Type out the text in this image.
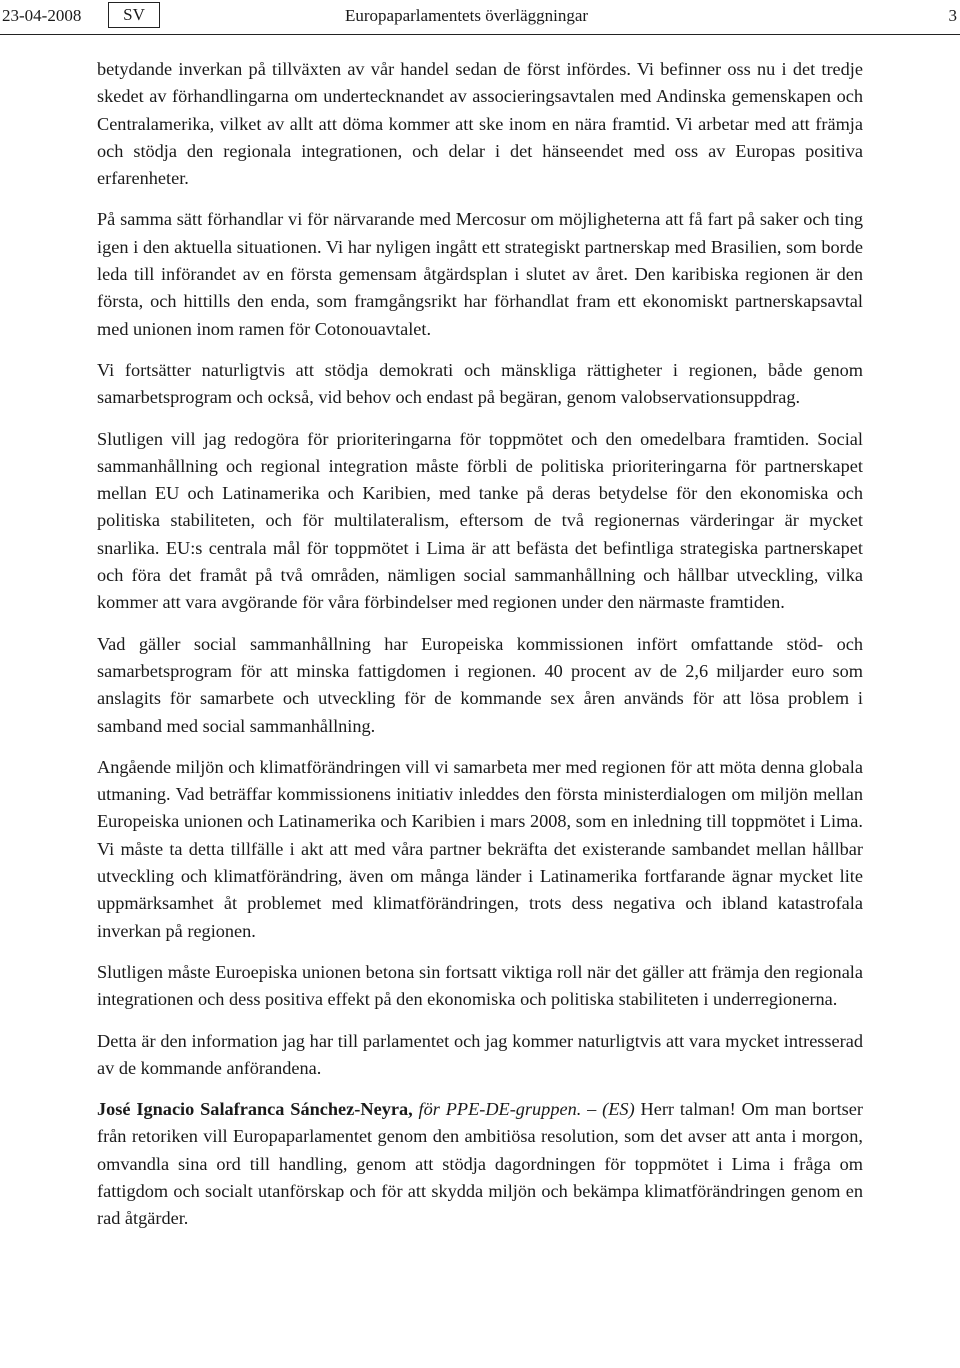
23-04-2008	SV	Europaparlamentets överläggningar	3

betydande inverkan på tillväxten av vår handel sedan de först infördes. Vi befinner oss nu i det tredje skedet av förhandlingarna om undertecknandet av associeringsavtalen med Andinska gemenskapen och Centralamerika, vilket av allt att döma kommer att ske inom en nära framtid. Vi arbetar med att främja och stödja den regionala integrationen, och delar i det hänseendet med oss av Europas positiva erfarenheter.

På samma sätt förhandlar vi för närvarande med Mercosur om möjligheterna att få fart på saker och ting igen i den aktuella situationen. Vi har nyligen ingått ett strategiskt partnerskap med Brasilien, som borde leda till införandet av en första gemensam åtgärdsplan i slutet av året. Den karibiska regionen är den första, och hittills den enda, som framgångsrikt har förhandlat fram ett ekonomiskt partnerskapsavtal med unionen inom ramen för Cotonouavtalet.

Vi fortsätter naturligtvis att stödja demokrati och mänskliga rättigheter i regionen, både genom samarbetsprogram och också, vid behov och endast på begäran, genom valobservationsuppdrag.

Slutligen vill jag redogöra för prioriteringarna för toppmötet och den omedelbara framtiden. Social sammanhållning och regional integration måste förbli de politiska prioriteringarna för partnerskapet mellan EU och Latinamerika och Karibien, med tanke på deras betydelse för den ekonomiska och politiska stabiliteten, och för multilateralism, eftersom de två regionernas värderingar är mycket snarlika. EU:s centrala mål för toppmötet i Lima är att befästa det befintliga strategiska partnerskapet och föra det framåt på två områden, nämligen social sammanhållning och hållbar utveckling, vilka kommer att vara avgörande för våra förbindelser med regionen under den närmaste framtiden.

Vad gäller social sammanhållning har Europeiska kommissionen infört omfattande stöd- och samarbetsprogram för att minska fattigdomen i regionen. 40 procent av de 2,6 miljarder euro som anslagits för samarbete och utveckling för de kommande sex åren används för att lösa problem i samband med social sammanhållning.

Angående miljön och klimatförändringen vill vi samarbeta mer med regionen för att möta denna globala utmaning. Vad beträffar kommissionens initiativ inleddes den första ministerdialogen om miljön mellan Europeiska unionen och Latinamerika och Karibien i mars 2008, som en inledning till toppmötet i Lima. Vi måste ta detta tillfälle i akt att med våra partner bekräfta det existerande sambandet mellan hållbar utveckling och klimatförändring, även om många länder i Latinamerika fortfarande ägnar mycket lite uppmärksamhet åt problemet med klimatförändringen, trots dess negativa och ibland katastrofala inverkan på regionen.

Slutligen måste Euroepiska unionen betona sin fortsatt viktiga roll när det gäller att främja den regionala integrationen och dess positiva effekt på den ekonomiska och politiska stabiliteten i underregionerna.

Detta är den information jag har till parlamentet och jag kommer naturligtvis att vara mycket intresserad av de kommande anförandena.

José Ignacio Salafranca Sánchez-Neyra, för PPE-DE-gruppen. – (ES) Herr talman! Om man bortser från retoriken vill Europaparlamentet genom den ambitiösa resolution, som det avser att anta i morgon, omvandla sina ord till handling, genom att stödja dagordningen för toppmötet i Lima i fråga om fattigdom och socialt utanförskap och för att skydda miljön och bekämpa klimatförändringen genom en rad åtgärder.
